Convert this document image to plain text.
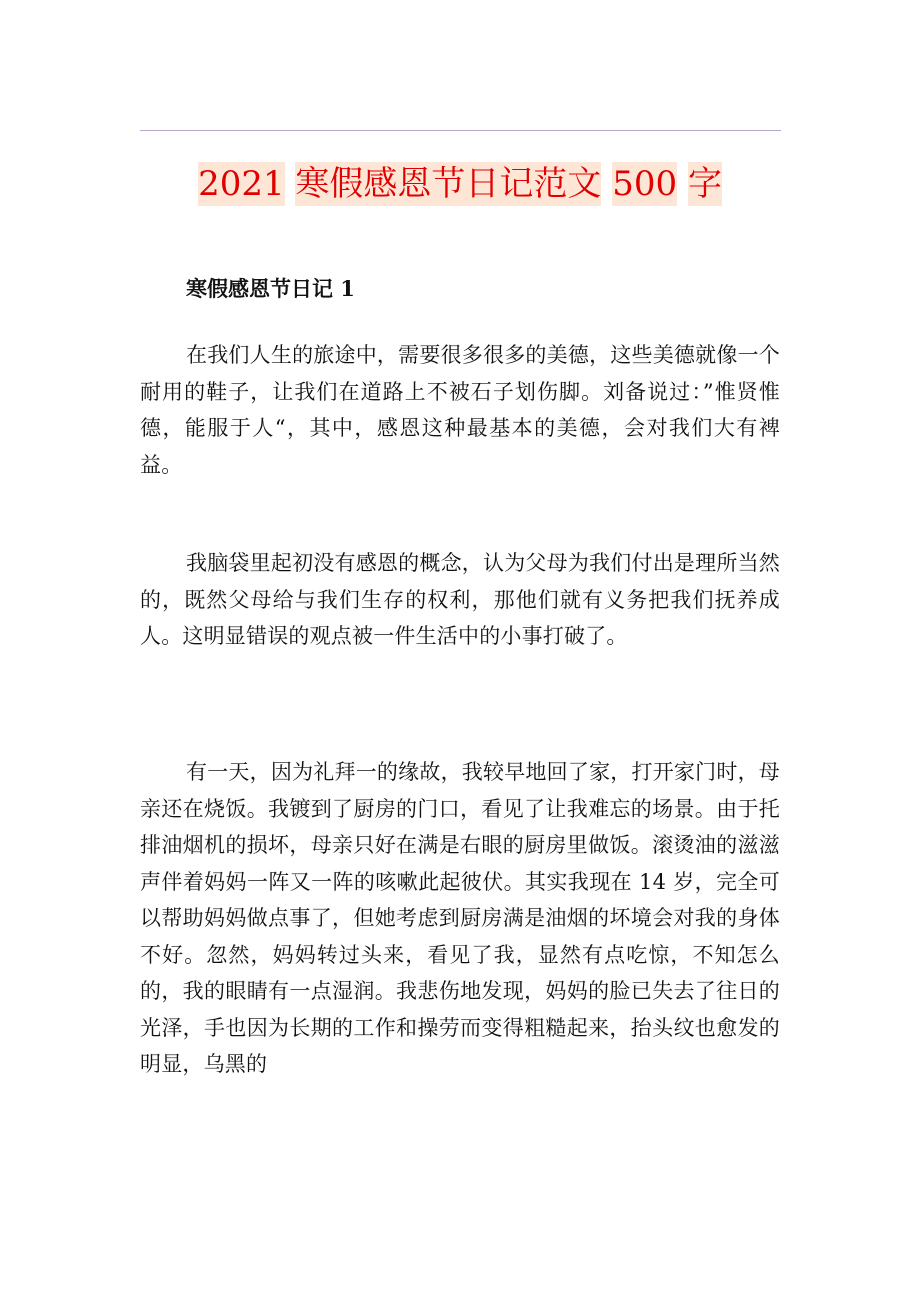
2021 寒假感恩节日记范文 500 字
寒假感恩节日记 1

在我们人生的旅途中，需要很多很多的美德，这些美德就像一个耐用的鞋子，让我们在道路上不被石子划伤脚。刘备说过：”惟贤惟德，能服于人“，其中，感恩这种最基本的美德，会对我们大有裨益。

我脑袋里起初没有感恩的概念，认为父母为我们付出是理所当然的，既然父母给与我们生存的权利，那他们就有义务把我们抚养成人。这明显错误的观点被一件生活中的小事打破了。

有一天，因为礼拜一的缘故，我较早地回了家，打开家门时，母亲还在烧饭。我镀到了厨房的门口，看见了让我难忘的场景。由于托排油烟机的损坏，母亲只好在满是右眼的厨房里做饭。滚烫油的滋滋声伴着妈妈一阵又一阵的咳嗽此起彼伏。其实我现在 14 岁，完全可以帮助妈妈做点事了，但她考虑到厨房满是油烟的坏境会对我的身体不好。忽然，妈妈转过头来，看见了我，显然有点吃惊，不知怎么的，我的眼睛有一点湿润。我悲伤地发现，妈妈的脸已失去了往日的光泽，手也因为长期的工作和操劳而变得粗糙起来，抬头纹也愈发的明显，乌黑的
